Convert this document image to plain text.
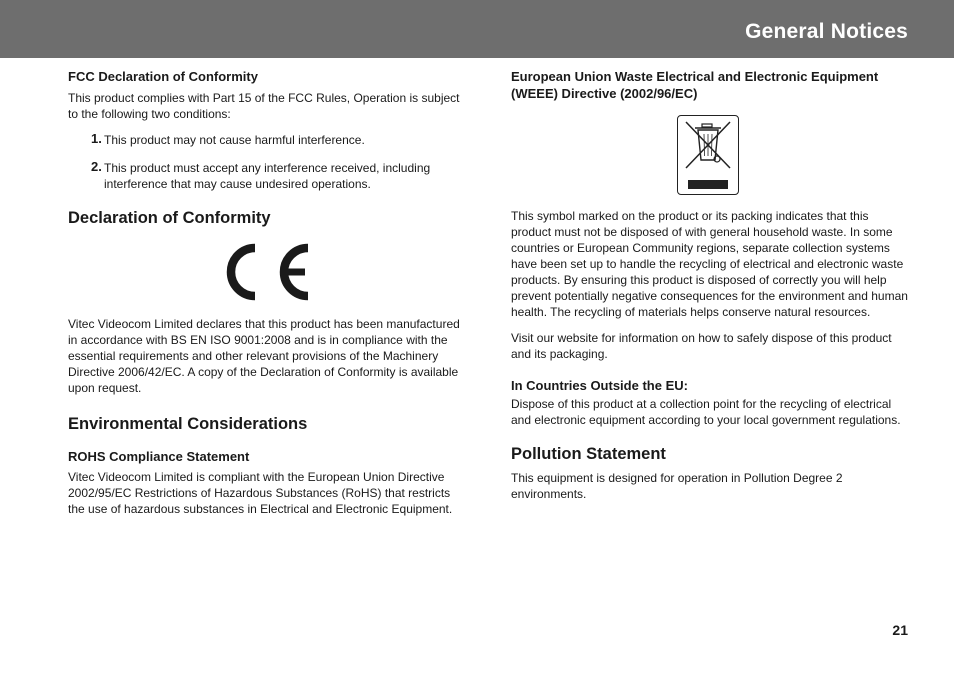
General Notices
FCC Declaration of Conformity
This product complies with Part 15 of the FCC Rules, Operation is subject to the following two conditions:
1. This product may not cause harmful interference.
2. This product must accept any interference received, including interference that may cause undesired operations.
Declaration of Conformity
Vitec Videocom Limited declares that this product has been manufactured in accordance with BS EN ISO 9001:2008 and is in compliance with the essential requirements and other relevant provisions of the Machinery Directive 2006/42/EC. A copy of the Declaration of Conformity is available upon request.
Environmental Considerations
ROHS Compliance Statement
Vitec Videocom Limited is compliant with the European Union Directive 2002/95/EC Restrictions of Hazardous Substances (RoHS) that restricts the use of hazardous substances in Electrical and Electronic Equipment.
European Union Waste Electrical and Electronic Equipment (WEEE) Directive (2002/96/EC)
This symbol marked on the product or its packing indicates that this product must not be disposed of with general household waste. In some countries or European Community regions, separate collection systems have been set up to handle the recycling of electrical and electronic waste products. By ensuring this product is disposed of correctly you will help prevent potentially negative consequences for the environment and human health. The recycling of materials helps conserve natural resources.
Visit our website for information on how to safely dispose of this product and its packaging.
In Countries Outside the EU:
Dispose of this product at a collection point for the recycling of electrical and electronic equipment according to your local government regulations.
Pollution Statement
This equipment is designed for operation in Pollution Degree 2 environments.
21
